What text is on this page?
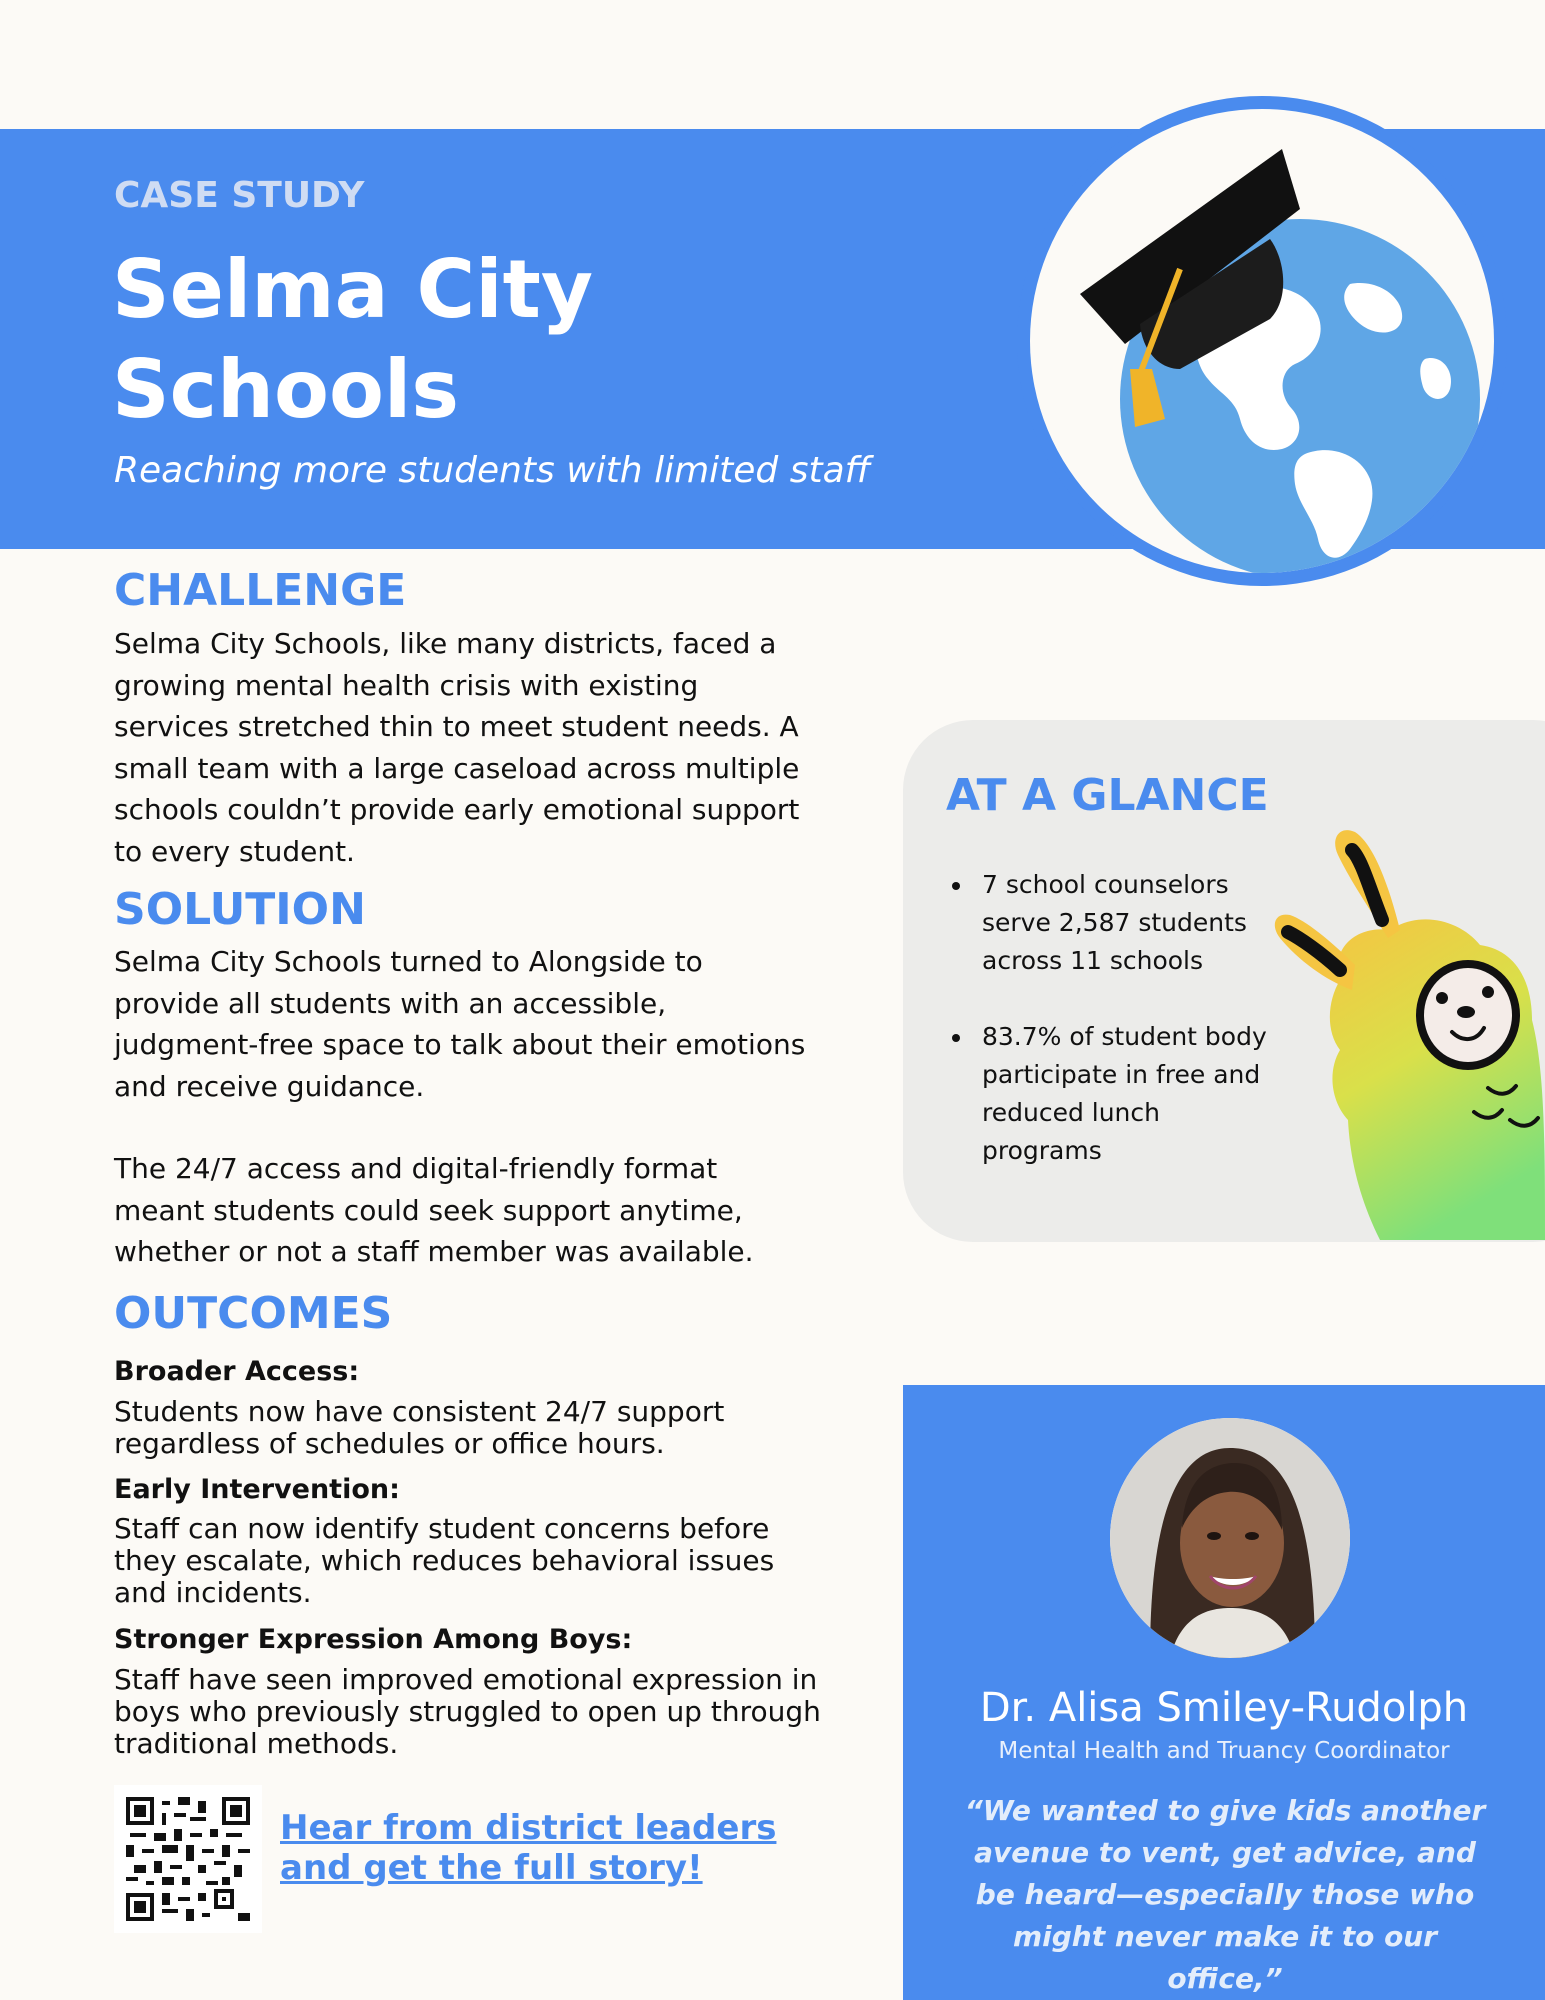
CASE STUDY
Selma City Schools
Reaching more students with limited staff
CHALLENGE
Selma City Schools, like many districts, faced a growing mental health crisis with existing services stretched thin to meet student needs. A small team with a large caseload across multiple schools couldn’t provide early emotional support to every student.
SOLUTION
Selma City Schools turned to Alongside to provide all students with an accessible, judgment-free space to talk about their emotions and receive guidance.
The 24/7 access and digital-friendly format meant students could seek support anytime, whether or not a staff member was available.
OUTCOMES
Broader Access:
Students now have consistent 24/7 support regardless of schedules or office hours.
Early Intervention:
Staff can now identify student concerns before they escalate, which reduces behavioral issues and incidents.
Stronger Expression Among Boys:
Staff have seen improved emotional expression in boys who previously struggled to open up through traditional methods.
AT A GLANCE
7 school counselors serve 2,587 students across 11 schools
83.7% of student body participate in free and reduced lunch programs
Hear from district leaders and get the full story!
Dr. Alisa Smiley-Rudolph
Mental Health and Truancy Coordinator
“We wanted to give kids another avenue to vent, get advice, and be heard—especially those who might never make it to our office,”
